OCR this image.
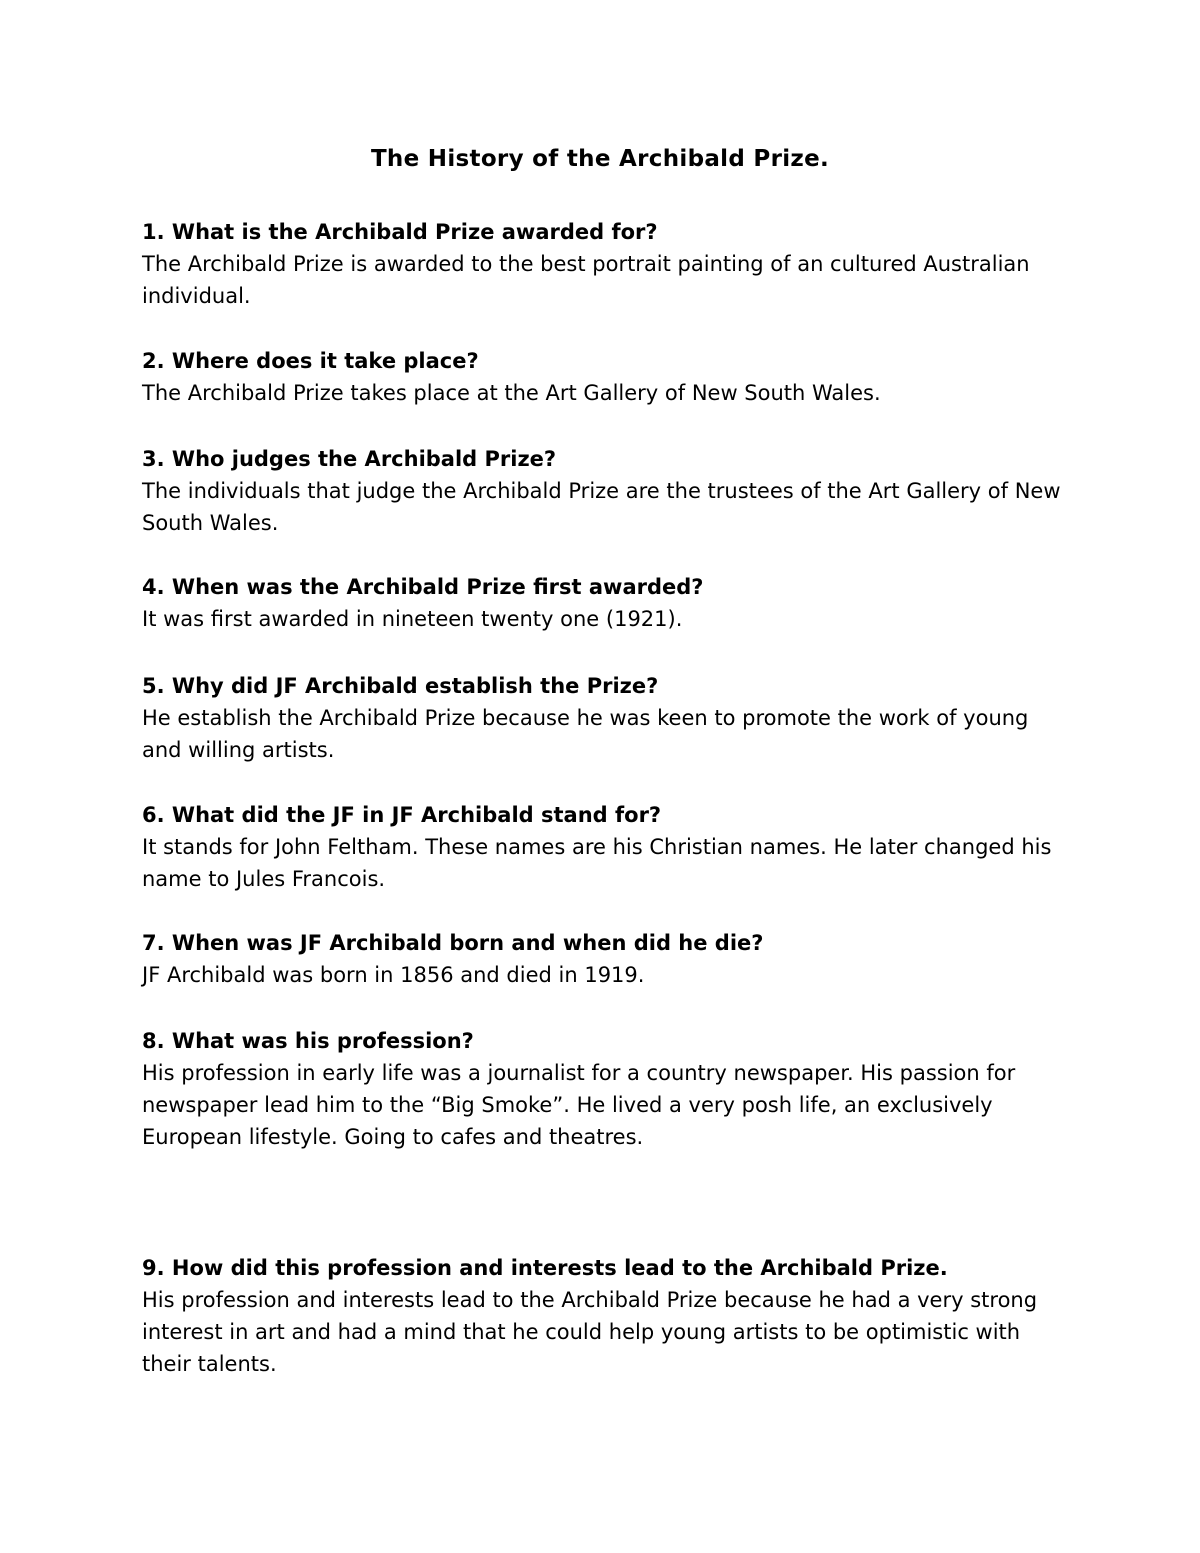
The History of the Archibald Prize.

1. What is the Archibald Prize awarded for?

The Archibald Prize is awarded to the best portrait painting of an cultured Australian individual.

2. Where does it take place?

The Archibald Prize takes place at the Art Gallery of New South Wales.

3. Who judges the Archibald Prize?

The individuals that judge the Archibald Prize are the trustees of the Art Gallery of New South Wales.

4. When was the Archibald Prize first awarded?

It was first awarded in nineteen twenty one (1921).

5. Why did JF Archibald establish the Prize?

He establish the Archibald Prize because he was keen to promote the work of young and willing artists.

6. What did the JF in JF Archibald stand for?

It stands for John Feltham. These names are his Christian names. He later changed his name to Jules Francois.

7. When was JF Archibald born and when did he die?

JF Archibald was born in 1856 and died in 1919.

8. What was his profession?

His profession in early life was a journalist for a country newspaper. His passion for newspaper lead him to the “Big Smoke”. He lived a very posh life, an exclusively European lifestyle. Going to cafes and theatres.

9. How did this profession and interests lead to the Archibald Prize.

His profession and interests lead to the Archibald Prize because he had a very strong interest in art and had a mind that he could help young artists to be optimistic with their talents.
